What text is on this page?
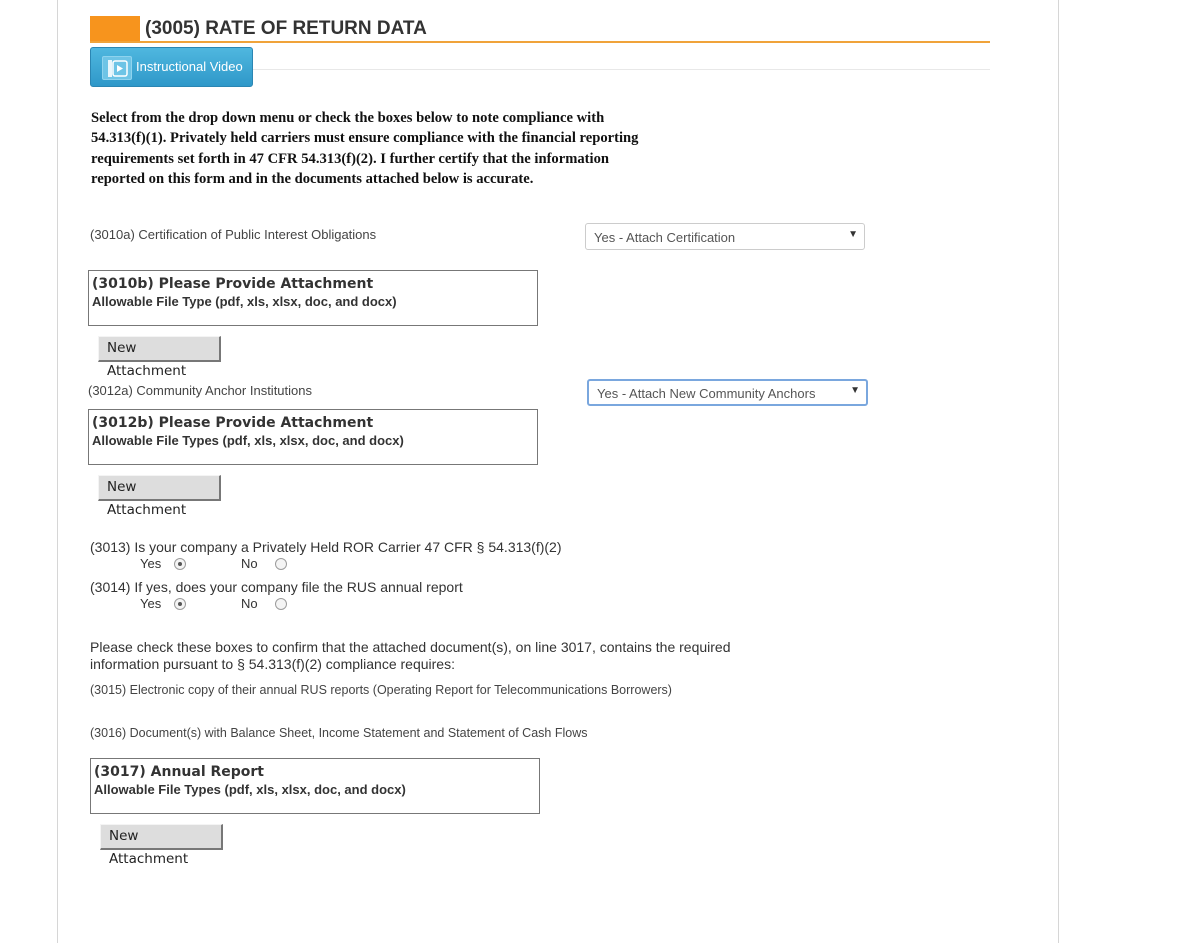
(3005) RATE OF RETURN DATA
Instructional Video
Select from the drop down menu or check the boxes below to note compliance with
54.313(f)(1). Privately held carriers must ensure compliance with the financial reporting
requirements set forth in 47 CFR 54.313(f)(2). I further certify that the information
reported on this form and in the documents attached below is accurate.
(3010a) Certification of Public Interest Obligations	Yes - Attach Certification	▼
(3010b) Please Provide Attachment
Allowable File Type (pdf, xls, xlsx, doc, and docx)
New Attachment
(3012a) Community Anchor Institutions	Yes - Attach New Community Anchors	▼
(3012b) Please Provide Attachment
Allowable File Types (pdf, xls, xlsx, doc, and docx)
New Attachment
(3013) Is your company a Privately Held ROR Carrier 47 CFR § 54.313(f)(2)
Yes	No
(3014) If yes, does your company file the RUS annual report
Yes	No
Please check these boxes to confirm that the attached document(s), on line 3017, contains the required
information pursuant to § 54.313(f)(2) compliance requires:
(3015) Electronic copy of their annual RUS reports (Operating Report for Telecommunications Borrowers)
(3016) Document(s) with Balance Sheet, Income Statement and Statement of Cash Flows
(3017) Annual Report
Allowable File Types (pdf, xls, xlsx, doc, and docx)
New Attachment
